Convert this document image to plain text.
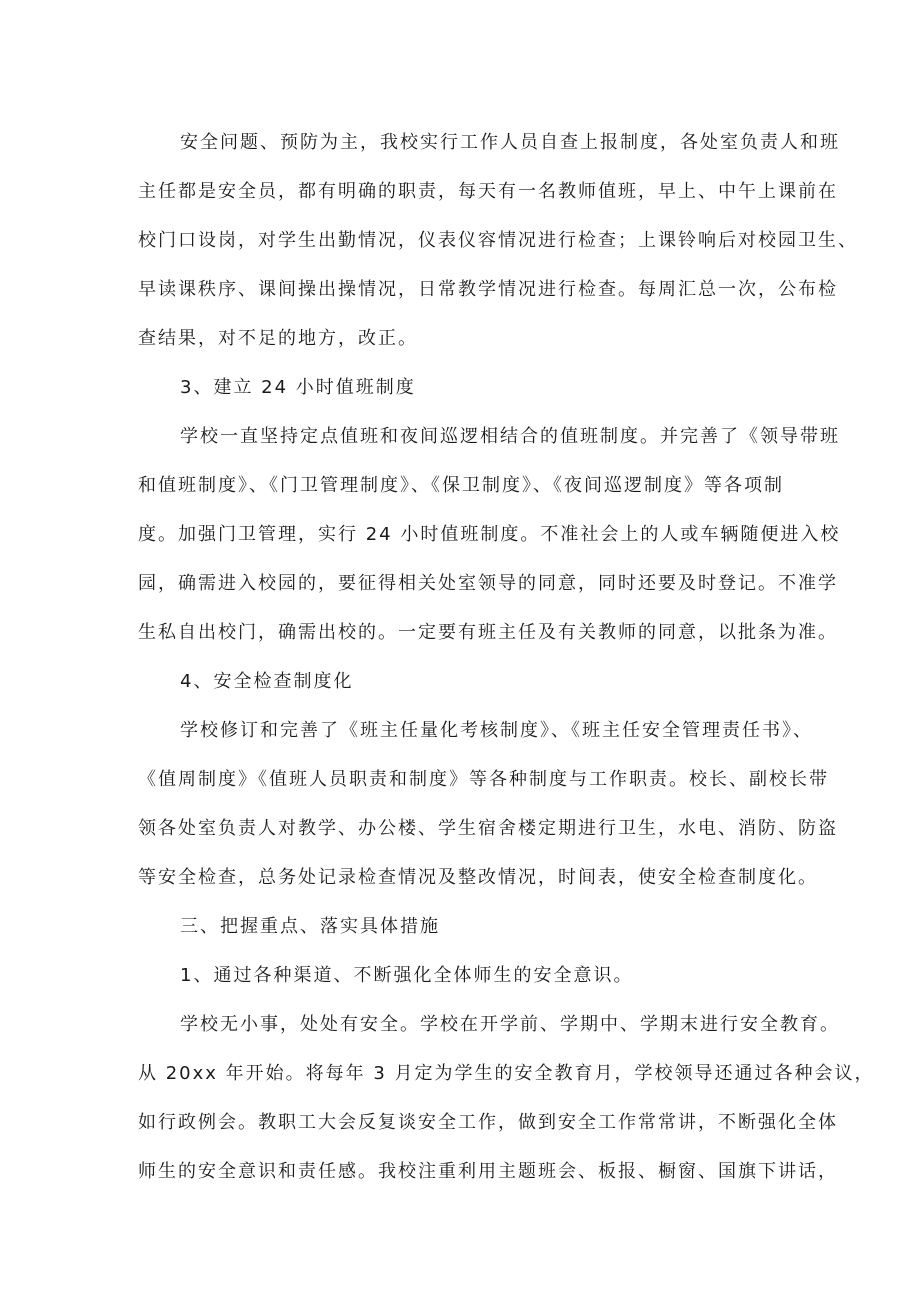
安全问题、预防为主，我校实行工作人员自查上报制度，各处室负责人和班
主任都是安全员，都有明确的职责，每天有一名教师值班，早上、中午上课前在
校门口设岗，对学生出勤情况，仪表仪容情况进行检查；上课铃响后对校园卫生、
早读课秩序、课间操出操情况，日常教学情况进行检查。每周汇总一次，公布检
查结果，对不足的地方，改正。
3、建立 24 小时值班制度
学校一直坚持定点值班和夜间巡逻相结合的值班制度。并完善了《领导带班
和值班制度》、《门卫管理制度》、《保卫制度》、《夜间巡逻制度》等各项制
度。加强门卫管理，实行 24 小时值班制度。不准社会上的人或车辆随便进入校
园，确需进入校园的，要征得相关处室领导的同意，同时还要及时登记。不准学
生私自出校门，确需出校的。一定要有班主任及有关教师的同意，以批条为准。
4、安全检查制度化
学校修订和完善了《班主任量化考核制度》、《班主任安全管理责任书》、
《值周制度》《值班人员职责和制度》等各种制度与工作职责。校长、副校长带
领各处室负责人对教学、办公楼、学生宿舍楼定期进行卫生，水电、消防、防盗
等安全检查，总务处记录检查情况及整改情况，时间表，使安全检查制度化。
三、把握重点、落实具体措施
1、通过各种渠道、不断强化全体师生的安全意识。
学校无小事，处处有安全。学校在开学前、学期中、学期末进行安全教育。
从 20xx 年开始。将每年 3 月定为学生的安全教育月，学校领导还通过各种会议，
如行政例会。教职工大会反复谈安全工作，做到安全工作常常讲，不断强化全体
师生的安全意识和责任感。我校注重利用主题班会、板报、橱窗、国旗下讲话，
